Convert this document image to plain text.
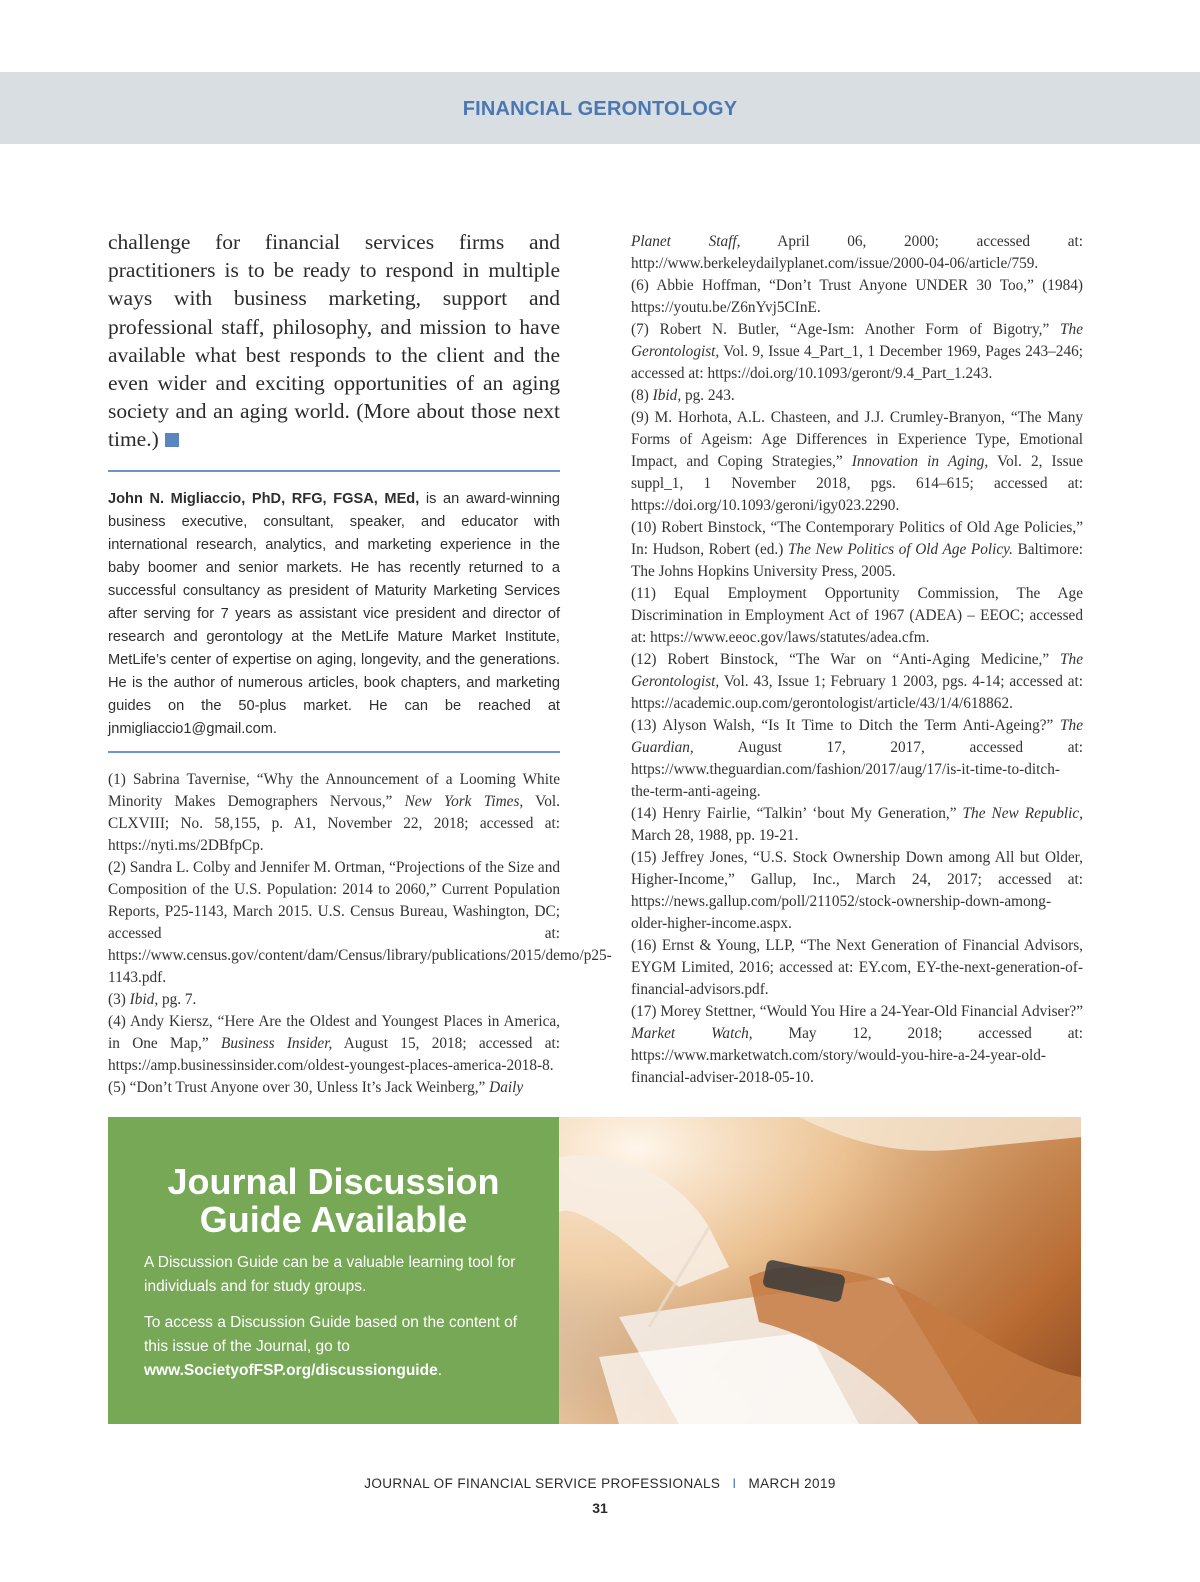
FINANCIAL GERONTOLOGY

challenge for financial services firms and practitioners is to be ready to respond in multiple ways with business marketing, support and professional staff, philosophy, and mission to have available what best responds to the client and the even wider and exciting opportunities of an aging society and an aging world. (More about those next time.)

John N. Migliaccio, PhD, RFG, FGSA, MEd, is an award-winning business executive, consultant, speaker, and educator with international research, analytics, and marketing experience in the baby boomer and senior markets. He has recently returned to a successful consultancy as president of Maturity Marketing Services after serving for 7 years as assistant vice president and director of research and gerontology at the MetLife Mature Market Institute, MetLife’s center of expertise on aging, longevity, and the generations. He is the author of numerous articles, book chapters, and marketing guides on the 50-plus market. He can be reached at jnmigliaccio1@gmail.com.

(1) Sabrina Tavernise, “Why the Announcement of a Looming White Minority Makes Demographers Nervous,” New York Times, Vol. CLXVIII; No. 58,155, p. A1, November 22, 2018; accessed at: https://nyti.ms/2DBfpCp.

(2) Sandra L. Colby and Jennifer M. Ortman, “Projections of the Size and Composition of the U.S. Population: 2014 to 2060,” Current Population Reports, P25-1143, March 2015. U.S. Census Bureau, Washington, DC; accessed at: https://www.census.gov/content/dam/Census/library/publications/2015/demo/p25-1143.pdf.

(3) Ibid, pg. 7.

(4) Andy Kiersz, “Here Are the Oldest and Youngest Places in America, in One Map,” Business Insider, August 15, 2018; accessed at: https://amp.businessinsider.com/oldest-youngest-places-america-2018-8.

(5) “Don’t Trust Anyone over 30, Unless It’s Jack Weinberg,” Daily

Planet Staff, April 06, 2000; accessed at: http://www.berkeleydailyplanet.com/issue/2000-04-06/article/759.

(6) Abbie Hoffman, “Don’t Trust Anyone UNDER 30 Too,” (1984) https://youtu.be/Z6nYvj5CInE.

(7) Robert N. Butler, “Age-Ism: Another Form of Bigotry,” The Gerontologist, Vol. 9, Issue 4_Part_1, 1 December 1969, Pages 243–246; accessed at: https://doi.org/10.1093/geront/9.4_Part_1.243.

(8) Ibid, pg. 243.

(9) M. Horhota, A.L. Chasteen, and J.J. Crumley-Branyon, “The Many Forms of Ageism: Age Differences in Experience Type, Emotional Impact, and Coping Strategies,” Innovation in Aging, Vol. 2, Issue suppl_1, 1 November 2018, pgs. 614–615; accessed at: https://doi.org/10.1093/geroni/igy023.2290.

(10) Robert Binstock, “The Contemporary Politics of Old Age Policies,” In: Hudson, Robert (ed.) The New Politics of Old Age Policy. Baltimore: The Johns Hopkins University Press, 2005.

(11) Equal Employment Opportunity Commission, The Age Discrimination in Employment Act of 1967 (ADEA) – EEOC; accessed at: https://www.eeoc.gov/laws/statutes/adea.cfm.

(12) Robert Binstock, “The War on “Anti-Aging Medicine,” The Gerontologist, Vol. 43, Issue 1; February 1 2003, pgs. 4-14; accessed at: https://academic.oup.com/gerontologist/article/43/1/4/618862.

(13) Alyson Walsh, “Is It Time to Ditch the Term Anti-Ageing?” The Guardian, August 17, 2017, accessed at: https://www.theguardian.com/fashion/2017/aug/17/is-it-time-to-ditch-the-term-anti-ageing.

(14) Henry Fairlie, “Talkin’ ‘bout My Generation,” The New Republic, March 28, 1988, pp. 19-21.

(15) Jeffrey Jones, “U.S. Stock Ownership Down among All but Older, Higher-Income,” Gallup, Inc., March 24, 2017; accessed at: https://news.gallup.com/poll/211052/stock-ownership-down-among-older-higher-income.aspx.

(16) Ernst & Young, LLP, “The Next Generation of Financial Advisors, EYGM Limited, 2016; accessed at: EY.com, EY-the-next-generation-of-financial-advisors.pdf.

(17) Morey Stettner, “Would You Hire a 24-Year-Old Financial Adviser?” Market Watch, May 12, 2018; accessed at: https://www.marketwatch.com/story/would-you-hire-a-24-year-old-financial-adviser-2018-05-10.

Journal Discussion
Guide Available

A Discussion Guide can be a valuable learning tool for individuals and for study groups.

To access a Discussion Guide based on the content of this issue of the Journal, go to www.SocietyofFSP.org/discussionguide.

JOURNAL OF FINANCIAL SERVICE PROFESSIONALS I MARCH 2019
31
